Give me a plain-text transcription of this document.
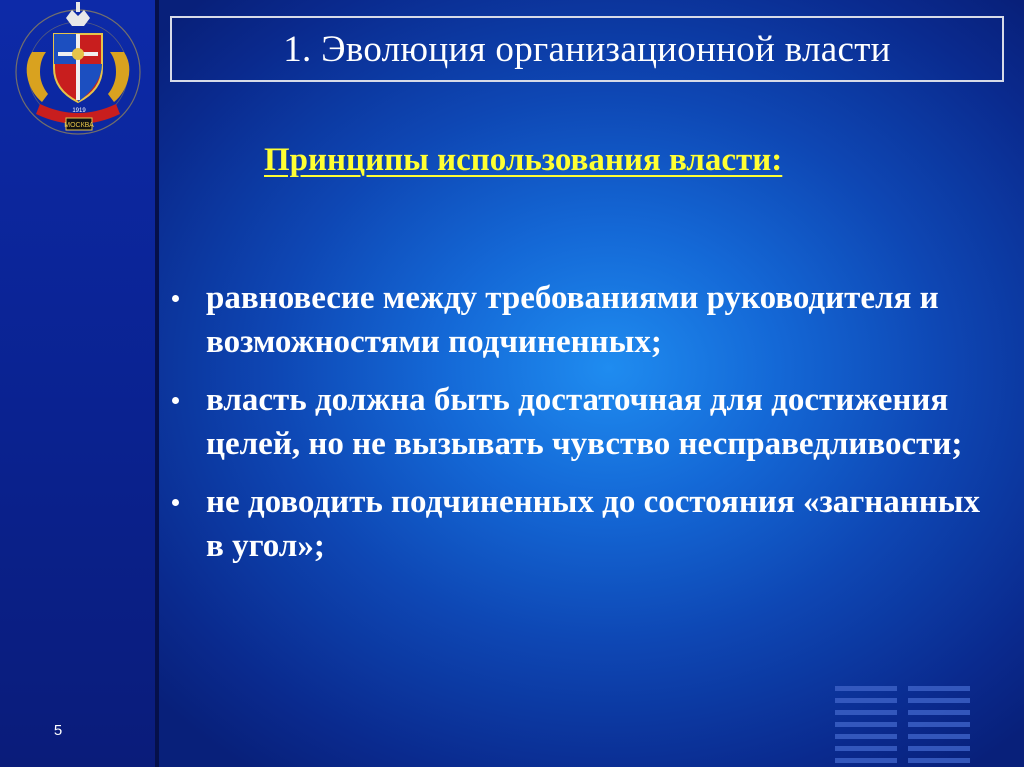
МОСКВА
1919
5
1. Эволюция организационной власти
Принципы использования власти:
равновесие между требованиями руководителя и возможностями подчиненных;
власть должна быть достаточная для достижения целей, но не вызывать чувство несправедливости;
не доводить подчиненных до состояния «загнанных в угол»;
